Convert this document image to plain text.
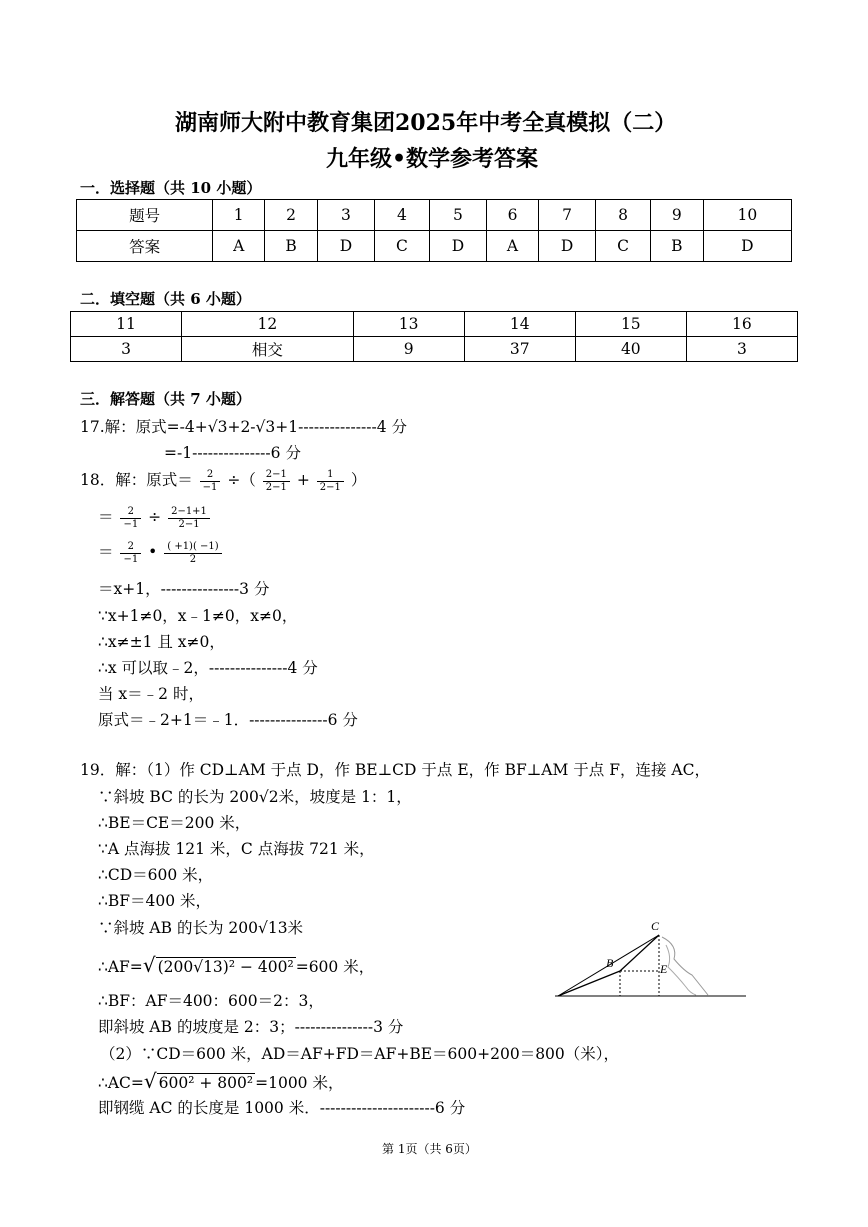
湖南师大附中教育集团2025年中考全真模拟（二）
九年级•数学参考答案
一．选择题（共 10 小题）
题号	1	2	3	4	5	6	7	8	9	10
答案	A	B	D	C	D	A	D	C	B	D
二．填空题（共 6 小题）
11	12	13	14	15	16
3	相交	9	37	40	3
三．解答题（共 7 小题）
17.解：原式=-4+√3+2-√3+1---------------4 分
=-1---------------6 分
18．解：原式＝ $\frac{2}{-1}$ ÷（ $\frac{2-1}{2-1} + \frac{1}{2-1}$ ）
＝ $\frac{2}{-1} \div \frac{2-1+1}{2-1}$
＝ $\frac{2}{-1}$ • $\frac{( +1)( -1)}{2}$
＝x+1，---------------3 分
∵x+1≠0，x﹣1≠0，x≠0，
∴x≠±1 且 x≠0，
∴x 可以取﹣2，---------------4 分
当 x＝﹣2 时，
原式＝﹣2+1＝﹣1．---------------6 分
19．解：（1）作 CD⊥AM 于点 D，作 BE⊥CD 于点 E，作 BF⊥AM 于点 F，连接 AC，
∵斜坡 BC 的长为 200√2米，坡度是 1：1，
∴BE＝CE＝200 米，
∵A 点海拔 121 米，C 点海拔 721 米，
∴CD＝600 米，
∴BF＝400 米，
∵斜坡 AB 的长为 200√13米
∴AF=√ (200√13)² − 400² =600 米，
∴BF：AF＝400：600＝2：3，
即斜坡 AB 的坡度是 2：3；---------------3 分
（2）∵CD＝600 米，AD＝AF+FD＝AF+BE＝600+200＝800（米），
∴AC=√ 600² + 800² =1000 米，
即钢缆 AC 的长度是 1000 米．----------------------6 分
C
B	E
第 1页（共 6页）
